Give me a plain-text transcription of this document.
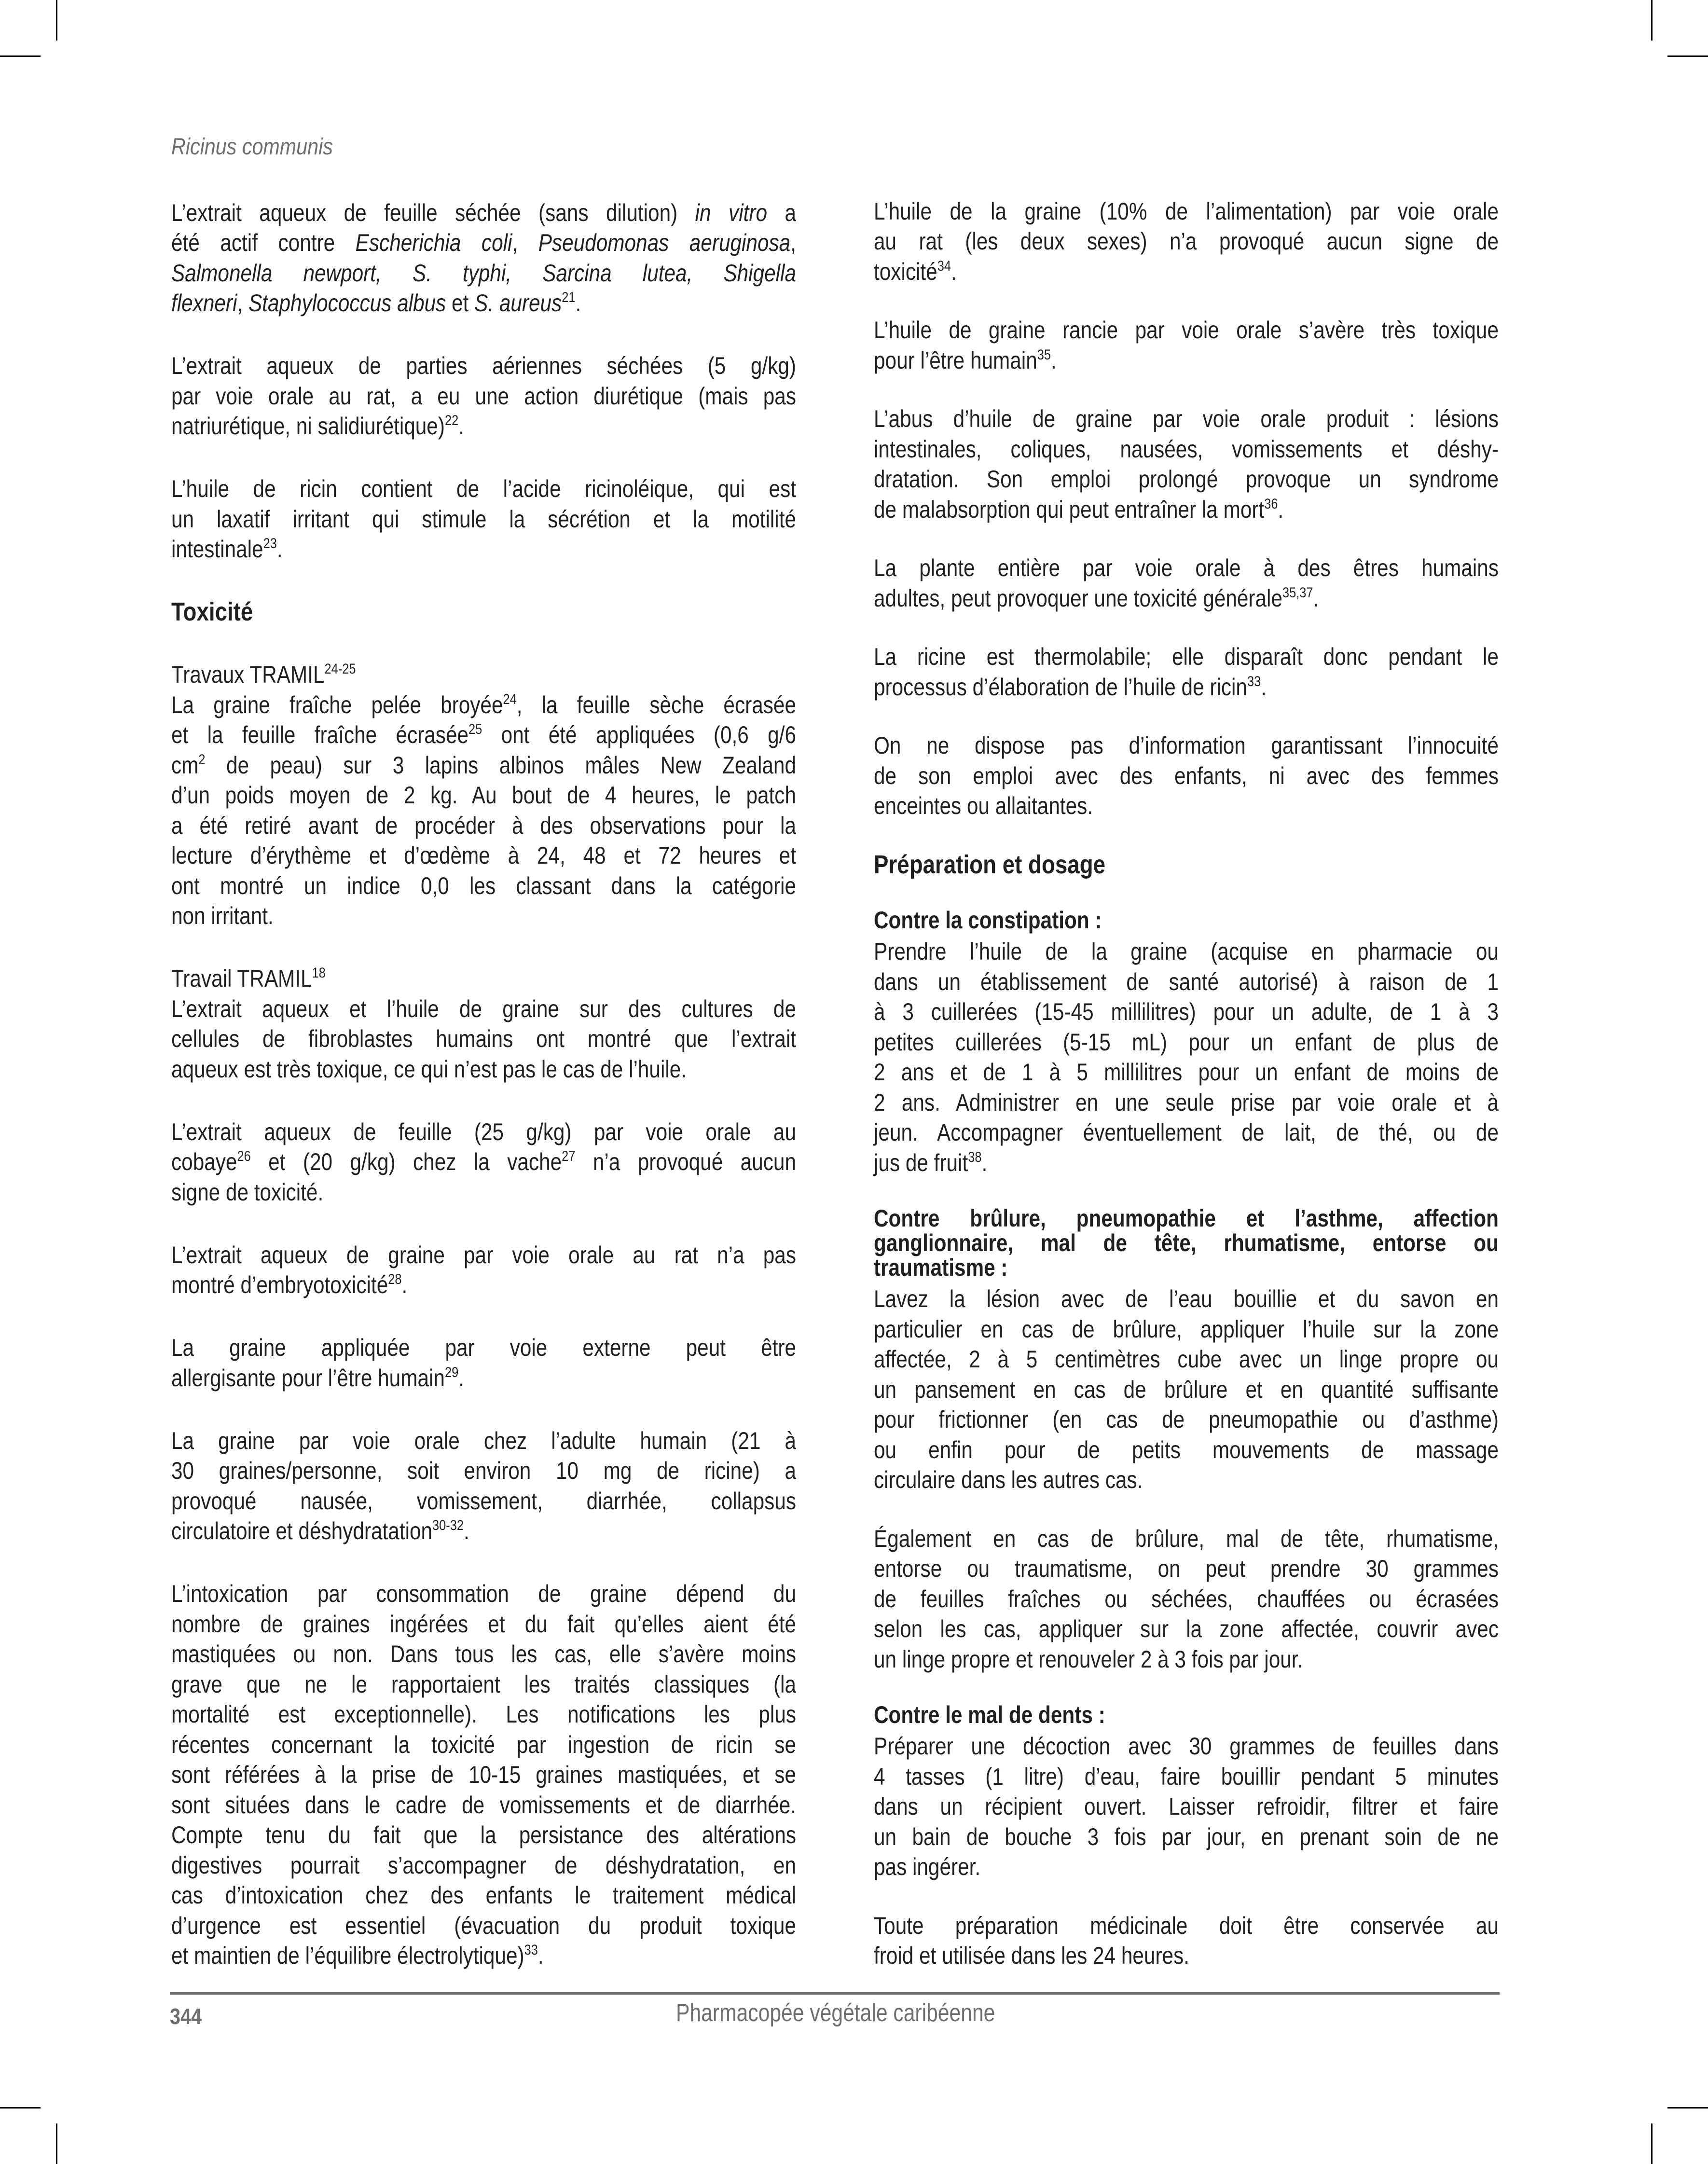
Ricinus communis
L’extrait aqueux de feuille séchée (sans dilution) in vitro a
été actif contre Escherichia coli, Pseudomonas aeruginosa,
Salmonella newport, S. typhi, Sarcina lutea, Shigella
flexneri, Staphylococcus albus et S. aureus$^{21}$.
L’extrait aqueux de parties aériennes séchées (5 g/kg)
par voie orale au rat, a eu une action diurétique (mais pas
natriurétique, ni salidiurétique)$^{22}$.
L’huile de ricin contient de l’acide ricinoléique, qui est
un laxatif irritant qui stimule la sécrétion et la motilité
intestinale$^{23}$.
Toxicité
Travaux TRAMIL$^{24-25}$
La graine fraîche pelée broyée$^{24}$, la feuille sèche écrasée
et la feuille fraîche écrasée$^{25}$ ont été appliquées (0,6 g/6
$cm^2$ de peau) sur 3 lapins albinos mâles New Zealand
d’un poids moyen de 2 kg. Au bout de 4 heures, le patch
a été retiré avant de procéder à des observations pour la
lecture d’érythème et d’œdème à 24, 48 et 72 heures et
ont montré un indice 0,0 les classant dans la catégorie
non irritant.
Travail TRAMIL$^{18}$
L’extrait aqueux et l’huile de graine sur des cultures de
cellules de fibroblastes humains ont montré que l’extrait
aqueux est très toxique, ce qui n’est pas le cas de l’huile.
L’extrait aqueux de feuille (25 g/kg) par voie orale au
cobaye$^{26}$ et (20 g/kg) chez la vache$^{27}$ n’a provoqué aucun
signe de toxicité.
L’extrait aqueux de graine par voie orale au rat n’a pas
montré d’embryotoxicité$^{28}$.
La graine appliquée par voie externe peut être
allergisante pour l’être humain$^{29}$.
La graine par voie orale chez l’adulte humain (21 à
30 graines/personne, soit environ 10 mg de ricine) a
provoqué nausée, vomissement, diarrhée, collapsus
circulatoire et déshydratation$^{30-32}$.
L’intoxication par consommation de graine dépend du
nombre de graines ingérées et du fait qu’elles aient été
mastiquées ou non. Dans tous les cas, elle s’avère moins
grave que ne le rapportaient les traités classiques (la
mortalité est exceptionnelle). Les notifications les plus
récentes concernant la toxicité par ingestion de ricin se
sont référées à la prise de 10-15 graines mastiquées, et se
sont situées dans le cadre de vomissements et de diarrhée.
Compte tenu du fait que la persistance des altérations
digestives pourrait s’accompagner de déshydratation, en
cas d’intoxication chez des enfants le traitement médical
d’urgence est essentiel (évacuation du produit toxique
et maintien de l’équilibre électrolytique)$^{33}$.
L’huile de la graine (10% de l’alimentation) par voie orale
au rat (les deux sexes) n’a provoqué aucun signe de
toxicité$^{34}$.
L’huile de graine rancie par voie orale s’avère très toxique
pour l’être humain$^{35}$.
L’abus d’huile de graine par voie orale produit : lésions
intestinales, coliques, nausées, vomissements et déshy-
dratation. Son emploi prolongé provoque un syndrome
de malabsorption qui peut entraîner la mort$^{36}$.
La plante entière par voie orale à des êtres humains
adultes, peut provoquer une toxicité générale$^{35,37}$.
La ricine est thermolabile; elle disparaît donc pendant le
processus d’élaboration de l’huile de ricin$^{33}$.
On ne dispose pas d’information garantissant l’innocuité
de son emploi avec des enfants, ni avec des femmes
enceintes ou allaitantes.
Préparation et dosage
Contre la constipation :
Prendre l’huile de la graine (acquise en pharmacie ou
dans un établissement de santé autorisé) à raison de 1
à 3 cuillerées (15-45 millilitres) pour un adulte, de 1 à 3
petites cuillerées (5-15 mL) pour un enfant de plus de
2 ans et de 1 à 5 millilitres pour un enfant de moins de
2 ans. Administrer en une seule prise par voie orale et à
jeun. Accompagner éventuellement de lait, de thé, ou de
jus de fruit$^{38}$.
Contre brûlure, pneumopathie et l’asthme, affection
ganglionnaire, mal de tête, rhumatisme, entorse ou
traumatisme :
Lavez la lésion avec de l’eau bouillie et du savon en
particulier en cas de brûlure, appliquer l’huile sur la zone
affectée, 2 à 5 centimètres cube avec un linge propre ou
un pansement en cas de brûlure et en quantité suffisante
pour frictionner (en cas de pneumopathie ou d’asthme)
ou enfin pour de petits mouvements de massage
circulaire dans les autres cas.
Également en cas de brûlure, mal de tête, rhumatisme,
entorse ou traumatisme, on peut prendre 30 grammes
de feuilles fraîches ou séchées, chauffées ou écrasées
selon les cas, appliquer sur la zone affectée, couvrir avec
un linge propre et renouveler 2 à 3 fois par jour.
Contre le mal de dents :
Préparer une décoction avec 30 grammes de feuilles dans
4 tasses (1 litre) d’eau, faire bouillir pendant 5 minutes
dans un récipient ouvert. Laisser refroidir, filtrer et faire
un bain de bouche 3 fois par jour, en prenant soin de ne
pas ingérer.
Toute préparation médicinale doit être conservée au
froid et utilisée dans les 24 heures.
344	Pharmacopée végétale caribéenne
